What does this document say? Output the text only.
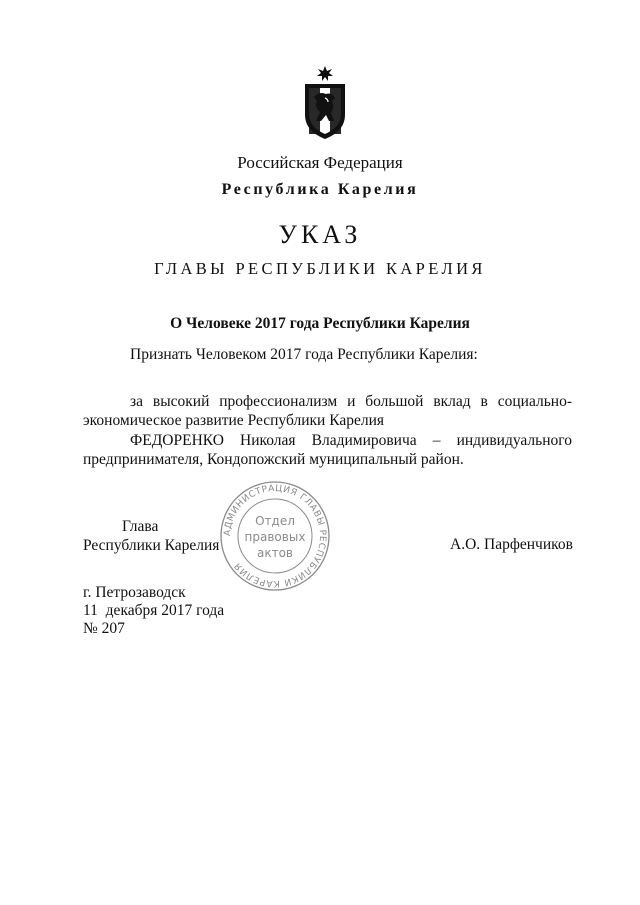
Российская Федерация
Республика Карелия
УКАЗ
ГЛАВЫ РЕСПУБЛИКИ КАРЕЛИЯ
О Человеке 2017 года Республики Карелия
Признать Человеком 2017 года Республики Карелия:
за высокий профессионализм и большой вклад в социально-экономическое развитие Республики Карелия
ФЕДОРЕНКО Николая Владимировича – индивидуального предпринимателя, Кондопожский муниципальный район.
Глава
Республики Карелия	А.О. Парфенчиков
АДМИНИСТРАЦИЯ ГЛАВЫ РЕСПУБЛИКИ КАРЕЛИЯ
Отдел
правовых
актов
г. Петрозаводск
11  декабря 2017 года
№ 207
